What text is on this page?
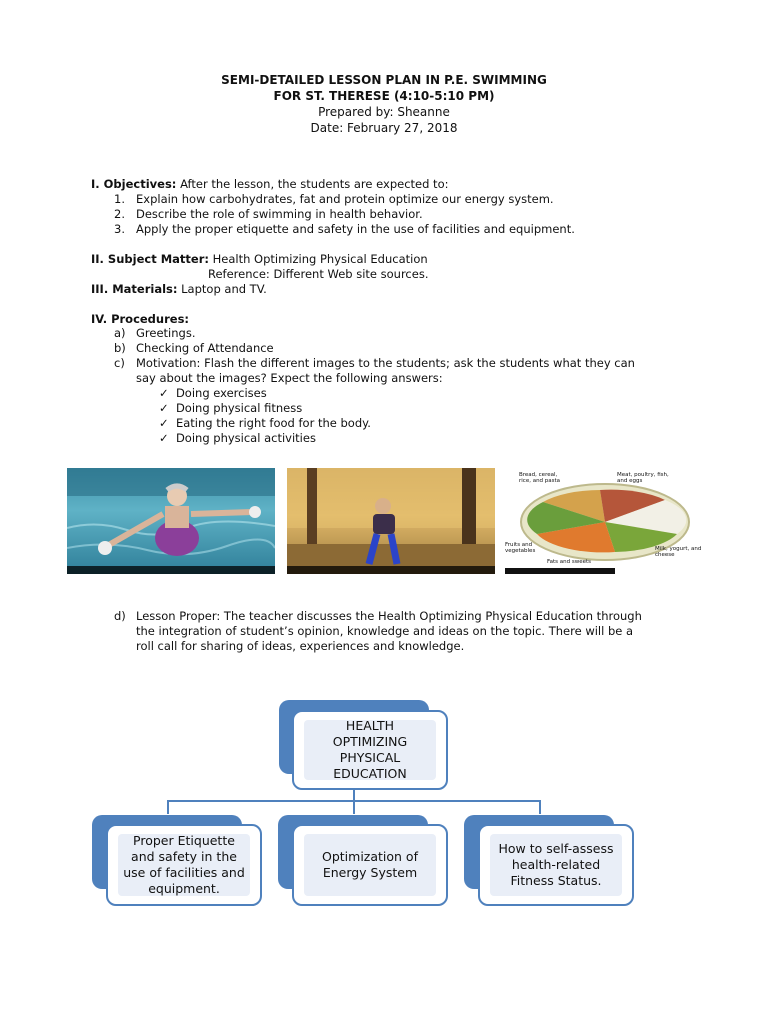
SEMI-DETAILED LESSON PLAN IN P.E. SWIMMING
FOR ST. THERESE (4:10-5:10 PM)
Prepared by: Sheanne
Date: February 27, 2018
I. Objectives: After the lesson, the students are expected to:
1. Explain how carbohydrates, fat and protein optimize our energy system.
2. Describe the role of swimming in health behavior.
3. Apply the proper etiquette and safety in the use of facilities and equipment.
II. Subject Matter: Health Optimizing Physical Education
Reference: Different Web site sources.
III. Materials: Laptop and TV.
IV. Procedures:
a) Greetings.
b) Checking of Attendance
c) Motivation: Flash the different images to the students; ask the students what they can
say about the images? Expect the following answers:
✓ Doing exercises
✓ Doing physical fitness
✓ Eating the right food for the body.
✓ Doing physical activities

Bread, cereal, rice, and pasta
Meat, poultry, fish, and eggs
Fruits and vegetables
Fats and sweets
Milk, yogurt, and cheese
d) Lesson Proper: The teacher discusses the Health Optimizing Physical Education through
the integration of student’s opinion, knowledge and ideas on the topic. There will be a
roll call for sharing of ideas, experiences and knowledge.
HEALTH OPTIMIZING PHYSICAL EDUCATION
Proper Etiquette and safety in the use of facilities and equipment.
Optimization of Energy System
How to self-assess health-related Fitness Status.
